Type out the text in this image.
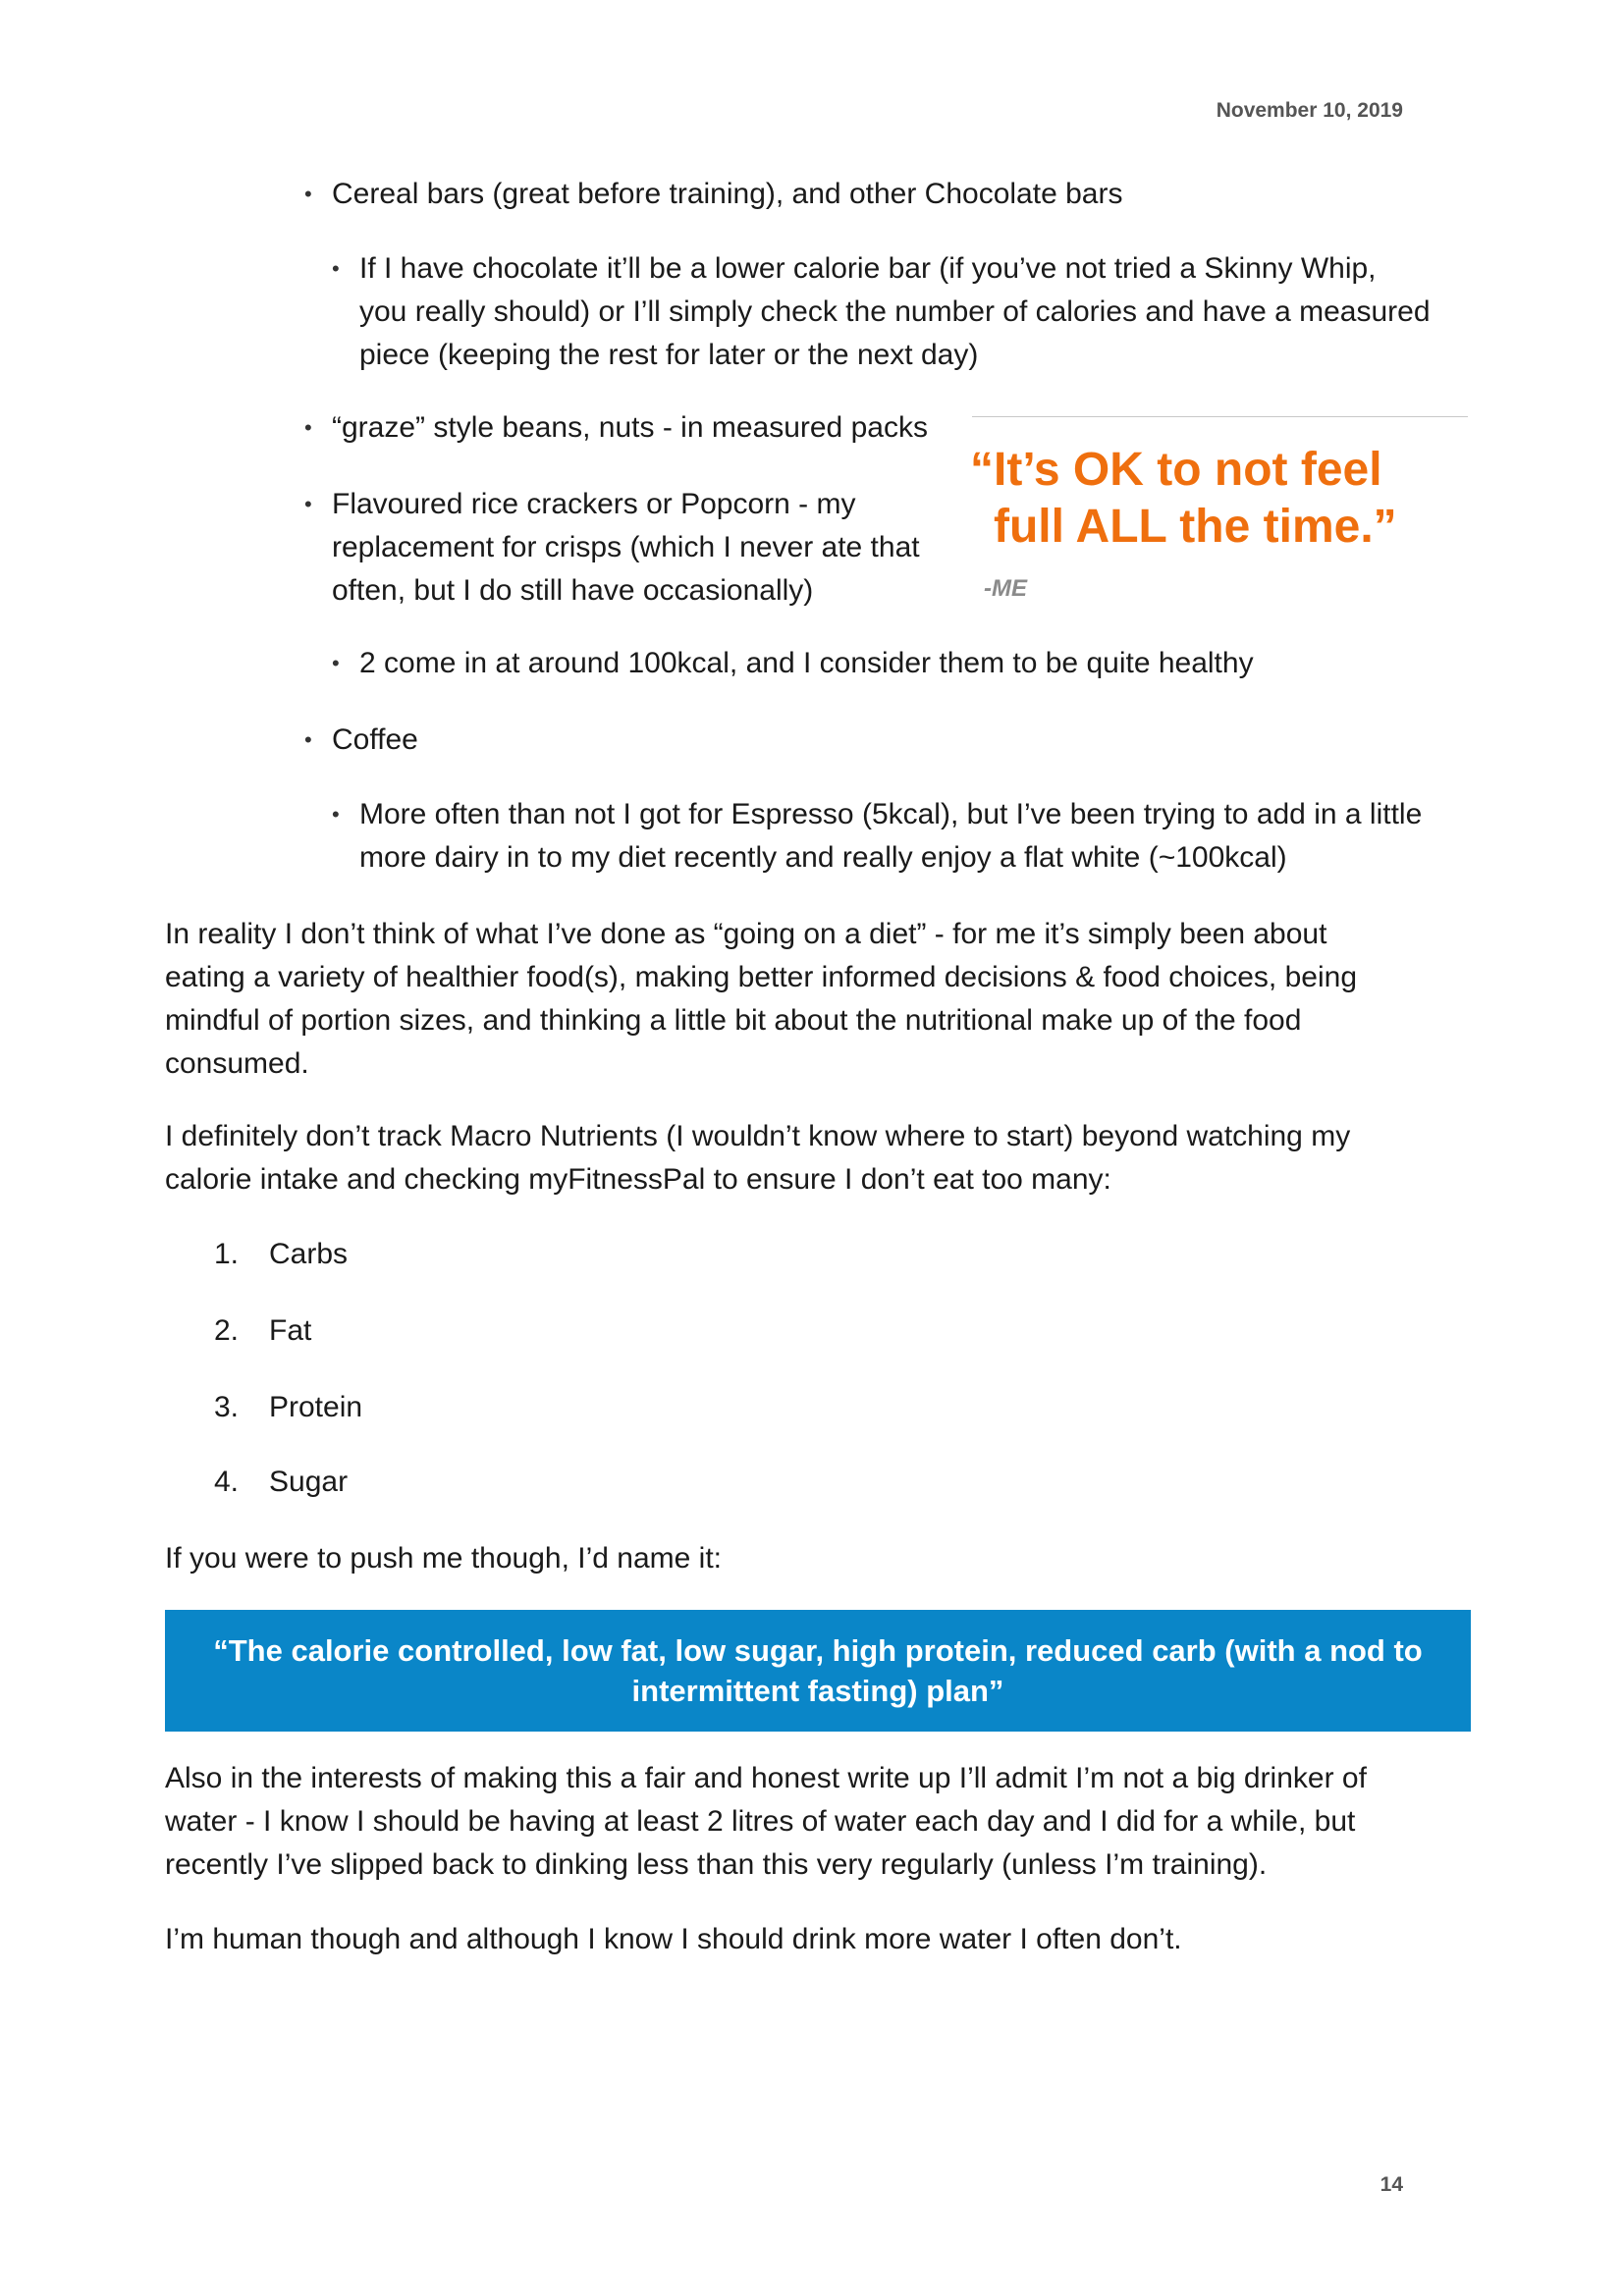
November 10, 2019
• Cereal bars (great before training), and other Chocolate bars
• If I have chocolate it’ll be a lower calorie bar (if you’ve not tried a Skinny Whip,
you really should) or I’ll simply check the number of calories and have a measured
piece (keeping the rest for later or the next day)
• “graze” style beans, nuts - in measured packs
• Flavoured rice crackers or Popcorn - my
replacement for crisps (which I never ate that
often, but I do still have occasionally)
“It’s OK to not feel
full ALL the time.”
-ME
• 2 come in at around 100kcal, and I consider them to be quite healthy
• Coffee
• More often than not I got for Espresso (5kcal), but I’ve been trying to add in a little
more dairy in to my diet recently and really enjoy a flat white (~100kcal)
In reality I don’t think of what I’ve done as “going on a diet” - for me it’s simply been about
eating a variety of healthier food(s), making better informed decisions & food choices, being
mindful of portion sizes, and thinking a little bit about the nutritional make up of the food
consumed.
I definitely don’t track Macro Nutrients (I wouldn’t know where to start) beyond watching my
calorie intake and checking myFitnessPal to ensure I don’t eat too many:
1. Carbs
2. Fat
3. Protein
4. Sugar
If you were to push me though, I’d name it:
“The calorie controlled, low fat, low sugar, high protein, reduced carb (with a nod to
intermittent fasting) plan”
Also in the interests of making this a fair and honest write up I’ll admit I’m not a big drinker of
water - I know I should be having at least 2 litres of water each day and I did for a while, but
recently I’ve slipped back to dinking less than this very regularly (unless I’m training).
I’m human though and although I know I should drink more water I often don’t.
14
